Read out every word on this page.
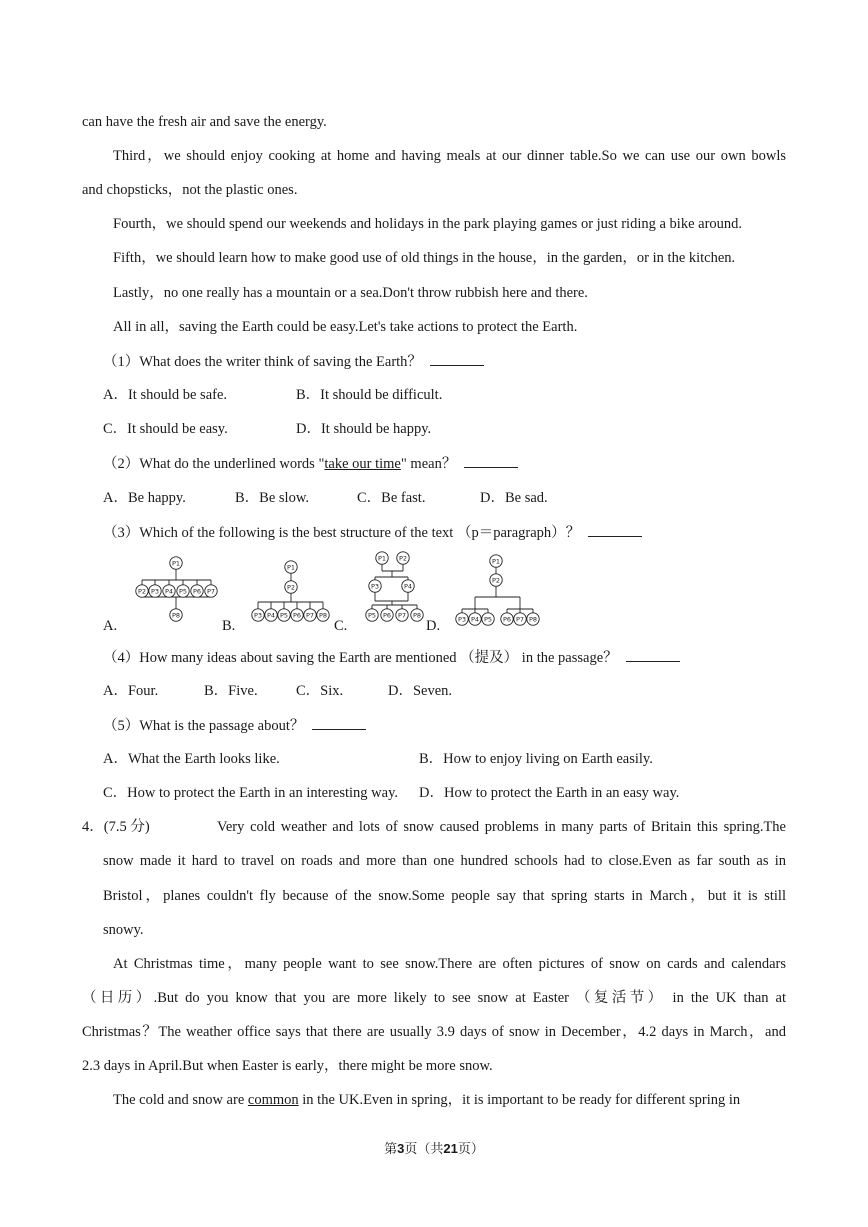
can have the fresh air and save the energy.
Third，we should enjoy cooking at home and having meals at our dinner table.So we can use our own bowls
and chopsticks，not the plastic ones.
Fourth，we should spend our weekends and holidays in the park playing games or just riding a bike around.
Fifth，we should learn how to make good use of old things in the house，in the garden，or in the kitchen.
Lastly，no one really has a mountain or a sea.Don't throw rubbish here and there.
All in all，saving the Earth could be easy.Let's take actions to protect the Earth.
（1）What does the writer think of saving the Earth？
A．It should be safe.	B．It should be difficult.
C．It should be easy.	D．It should be happy.
（2）What do the underlined words "take our time" mean？
A．Be happy.	B．Be slow.	C．Be fast.	D．Be sad.
（3）Which of the following is the best structure of the text （p＝paragraph）？
A.	B.	C.	D.
P1
P2 P3 P4 P5 P6 P7
P8
P1
P2
P3 P4 P5 P6 P7 P8
P1 P2
P3	P4
P5 P6 P7 P8
P1
P2
P3 P4 P5 P6 P7 P8
（4）How many ideas about saving the Earth are mentioned （提及） in the passage？
A．Four.	B．Five.	C．Six.	D．Seven.
（5）What is the passage about？
A．What the Earth looks like.	B．How to enjoy living on Earth easily.
C．How to protect the Earth in an interesting way. D．How to protect the Earth in an easy way.
4．(7.5 分)	Very cold weather and lots of snow caused problems in many parts of Britain this spring.The
snow made it hard to travel on roads and more than one hundred schools had to close.Even as far south as in
Bristol，planes couldn't fly because of the snow.Some people say that spring starts in March，but it is still
snowy.
At Christmas time，many people want to see snow.There are often pictures of snow on cards and calendars
（日历）.But do you know that you are more likely to see snow at Easter （复活节） in the UK than at
Christmas？The weather office says that there are usually 3.9 days of snow in December，4.2 days in March，and
2.3 days in April.But when Easter is early，there might be more snow.
The cold and snow are common in the UK.Even in spring，it is important to be ready for different spring in
第3页（共21页）
